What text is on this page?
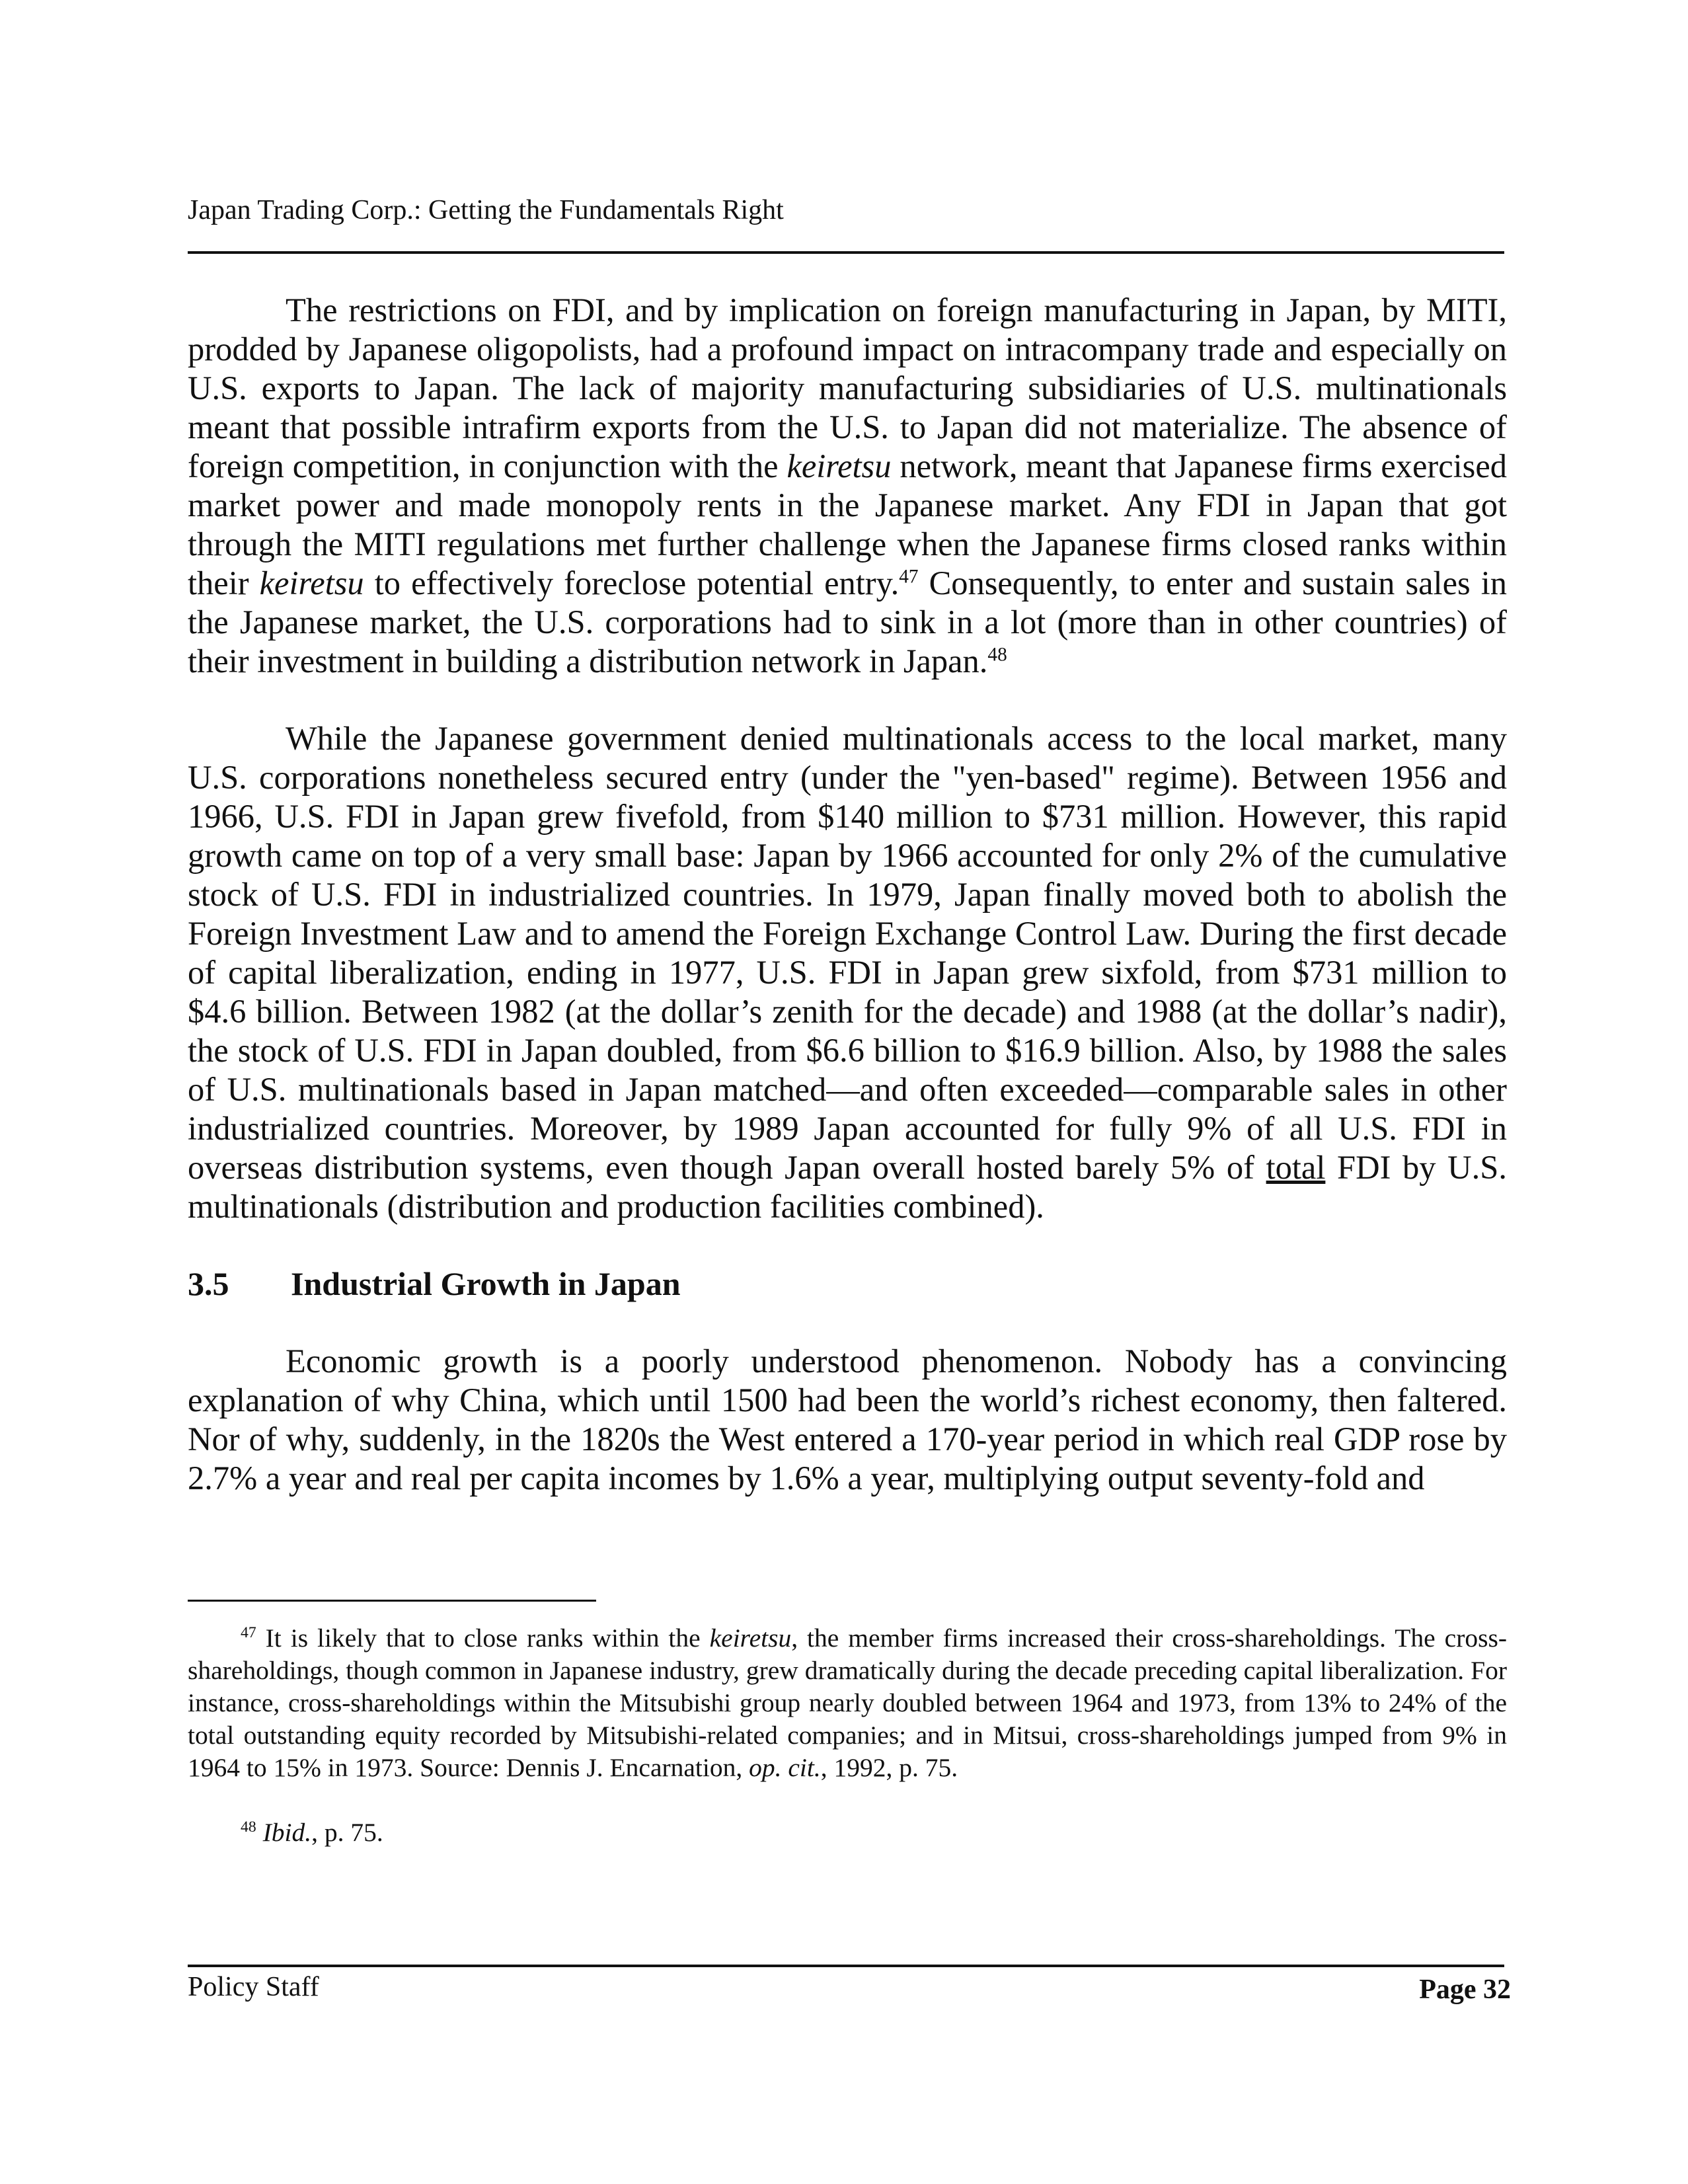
Japan Trading Corp.: Getting the Fundamentals Right

The restrictions on FDI, and by implication on foreign manufacturing in Japan, by MITI, prodded by Japanese oligopolists, had a profound impact on intracompany trade and especially on U.S. exports to Japan. The lack of majority manufacturing subsidiaries of U.S. multinationals meant that possible intrafirm exports from the U.S. to Japan did not materialize. The absence of foreign competition, in conjunction with the keiretsu network, meant that Japanese firms exercised market power and made monopoly rents in the Japanese market. Any FDI in Japan that got through the MITI regulations met further challenge when the Japanese firms closed ranks within their keiretsu to effectively foreclose potential entry.$^{47}$ Consequently, to enter and sustain sales in the Japanese market, the U.S. corporations had to sink in a lot (more than in other countries) of their investment in building a distribution network in Japan.$^{48}$

While the Japanese government denied multinationals access to the local market, many U.S. corporations nonetheless secured entry (under the "yen-based" regime). Between 1956 and 1966, U.S. FDI in Japan grew fivefold, from $140 million to $731 million. However, this rapid growth came on top of a very small base: Japan by 1966 accounted for only 2% of the cumulative stock of U.S. FDI in industrialized countries. In 1979, Japan finally moved both to abolish the Foreign Investment Law and to amend the Foreign Exchange Control Law. During the first decade of capital liberalization, ending in 1977, U.S. FDI in Japan grew sixfold, from $731 million to $4.6 billion. Between 1982 (at the dollar’s zenith for the decade) and 1988 (at the dollar’s nadir), the stock of U.S. FDI in Japan doubled, from $6.6 billion to $16.9 billion. Also, by 1988 the sales of U.S. multinationals based in Japan matched—and often exceeded—comparable sales in other industrialized countries. Moreover, by 1989 Japan accounted for fully 9% of all U.S. FDI in overseas distribution systems, even though Japan overall hosted barely 5% of total FDI by U.S. multinationals (distribution and production facilities combined).

3.5 Industrial Growth in Japan

Economic growth is a poorly understood phenomenon. Nobody has a convincing explanation of why China, which until 1500 had been the world’s richest economy, then faltered. Nor of why, suddenly, in the 1820s the West entered a 170-year period in which real GDP rose by 2.7% a year and real per capita incomes by 1.6% a year, multiplying output seventy-fold and

$^{47}$ It is likely that to close ranks within the keiretsu, the member firms increased their cross-shareholdings. The cross-shareholdings, though common in Japanese industry, grew dramatically during the decade preceding capital liberalization. For instance, cross-shareholdings within the Mitsubishi group nearly doubled between 1964 and 1973, from 13% to 24% of the total outstanding equity recorded by Mitsubishi-related companies; and in Mitsui, cross-shareholdings jumped from 9% in 1964 to 15% in 1973. Source: Dennis J. Encarnation, op. cit., 1992, p. 75.

$^{48}$ Ibid., p. 75.

Policy Staff	Page 32
